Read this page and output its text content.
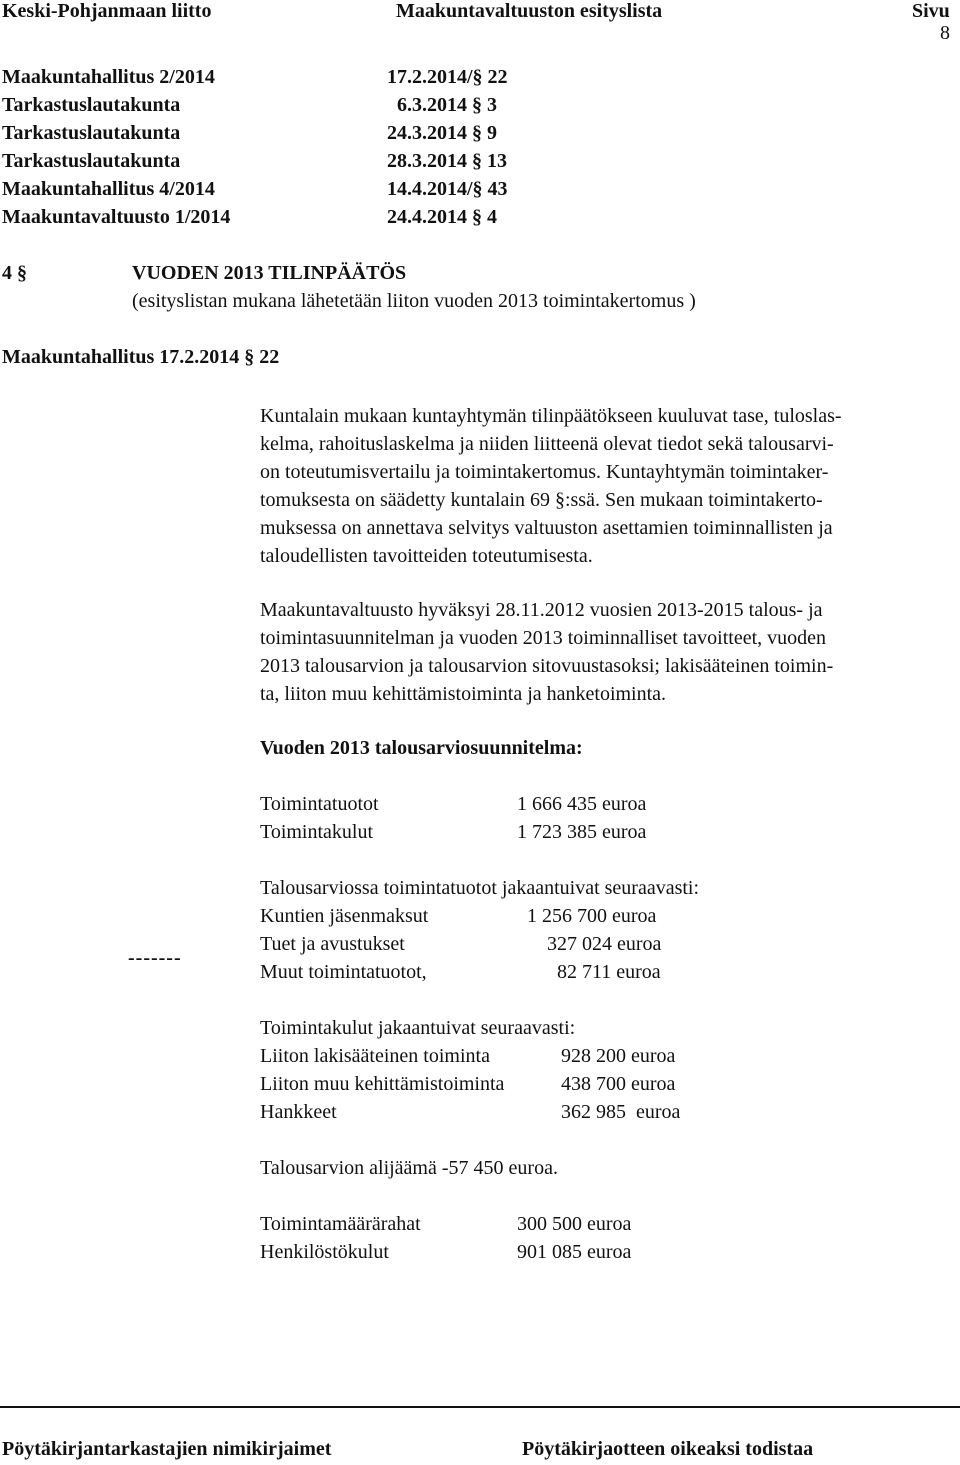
Keski-Pohjanmaan liitto	Maakuntavaltuuston esityslista	Sivu
8
Maakuntahallitus 2/2014	17.2.2014/§ 22
Tarkastuslautakunta	6.3.2014 § 3
Tarkastuslautakunta	24.3.2014 § 9
Tarkastuslautakunta	28.3.2014 § 13
Maakuntahallitus 4/2014	14.4.2014/§ 43
Maakuntavaltuusto 1/2014	24.4.2014 § 4
4 §	VUODEN 2013 TILINPÄÄTÖS
(esityslistan mukana lähetetään liiton vuoden 2013 toimintakertomus )
Maakuntahallitus 17.2.2014 § 22
Kuntalain mukaan kuntayhtymän tilinpäätökseen kuuluvat tase, tuloslas-
kelma, rahoituslaskelma ja niiden liitteenä olevat tiedot sekä talousarvi-
on toteutumisvertailu ja toimintakertomus. Kuntayhtymän toimintaker-
tomuksesta on säädetty kuntalain 69 §:ssä. Sen mukaan toimintakerto-
muksessa on annettava selvitys valtuuston asettamien toiminnallisten ja
taloudellisten tavoitteiden toteutumisesta.
Maakuntavaltuusto hyväksyi 28.11.2012 vuosien 2013-2015 talous- ja
toimintasuunnitelman ja vuoden 2013 toiminnalliset tavoitteet, vuoden
2013 talousarvion ja talousarvion sitovuustasoksi; lakisääteinen toimin-
ta, liiton muu kehittämistoiminta ja hanketoiminta.
Vuoden 2013 talousarviosuunnitelma:
Toimintatuotot	1 666 435 euroa
Toimintakulut	1 723 385 euroa
Talousarviossa toimintatuotot jakaantuivat seuraavasti:
Kuntien jäsenmaksut	1 256 700 euroa
Tuet ja avustukset	327 024 euroa
Muut toimintatuotot,	82 711 euroa
-------
Toimintakulut jakaantuivat seuraavasti:
Liiton lakisääteinen toiminta	928 200 euroa
Liiton muu kehittämistoiminta	438 700 euroa
Hankkeet	362 985  euroa
Talousarvion alijäämä -57 450 euroa.
Toimintamäärärahat	300 500 euroa
Henkilöstökulut	901 085 euroa
Pöytäkirjantarkastajien nimikirjaimet	Pöytäkirjaotteen oikeaksi todistaa
